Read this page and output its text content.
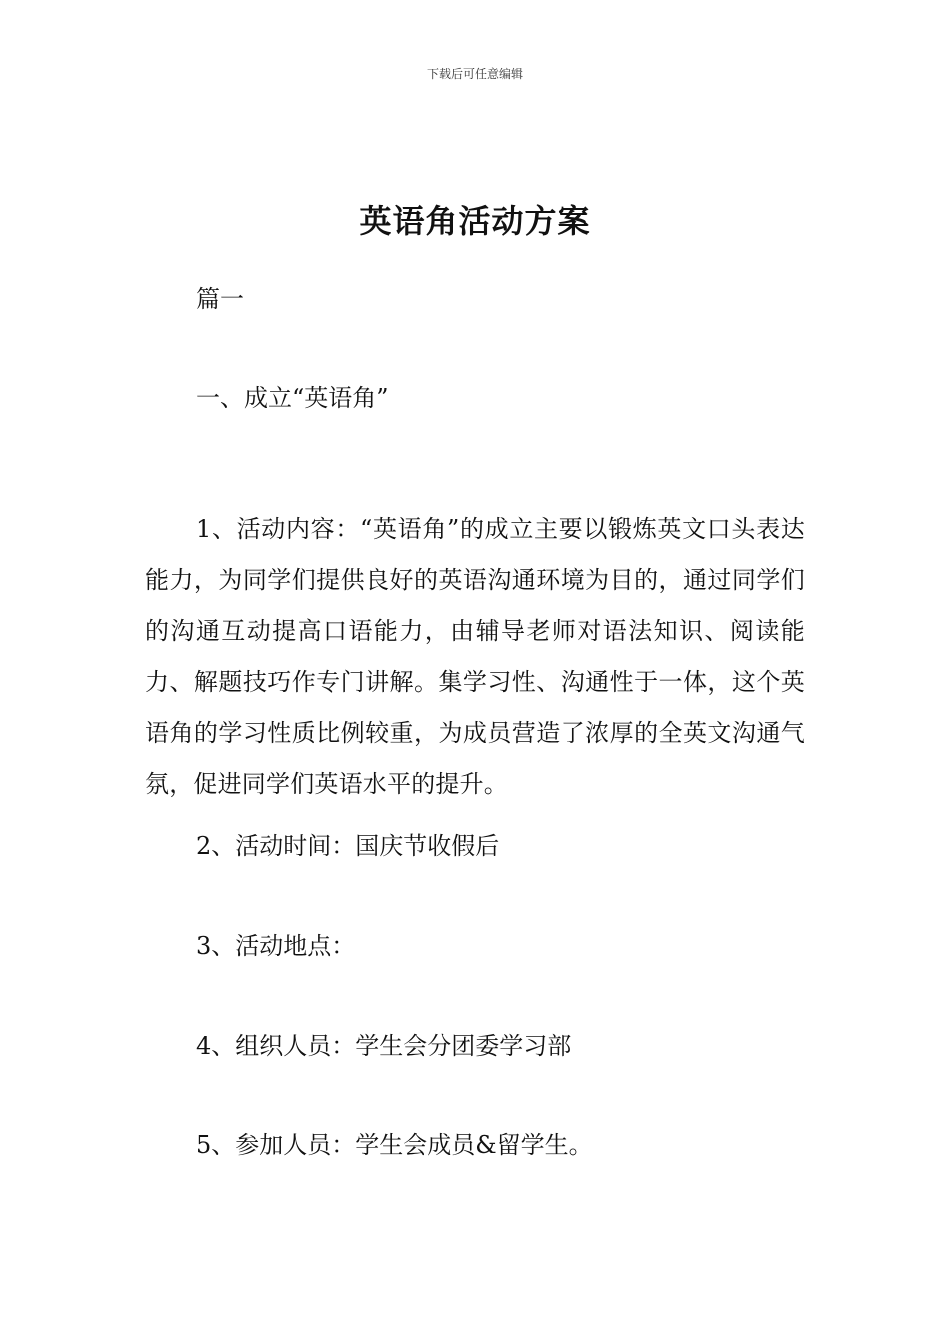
下载后可任意编辑
英语角活动方案
篇一
一、成立“英语角”

1、活动内容：“英语角”的成立主要以锻炼英文口头表达能力，为同学们提供良好的英语沟通环境为目的，通过同学们的沟通互动提高口语能力，由辅导老师对语法知识、阅读能力、解题技巧作专门讲解。集学习性、沟通性于一体，这个英语角的学习性质比例较重，为成员营造了浓厚的全英文沟通气氛，促进同学们英语水平的提升。

2、活动时间：国庆节收假后
3、活动地点：
4、组织人员：学生会分团委学习部
5、参加人员：学生会成员&留学生。
